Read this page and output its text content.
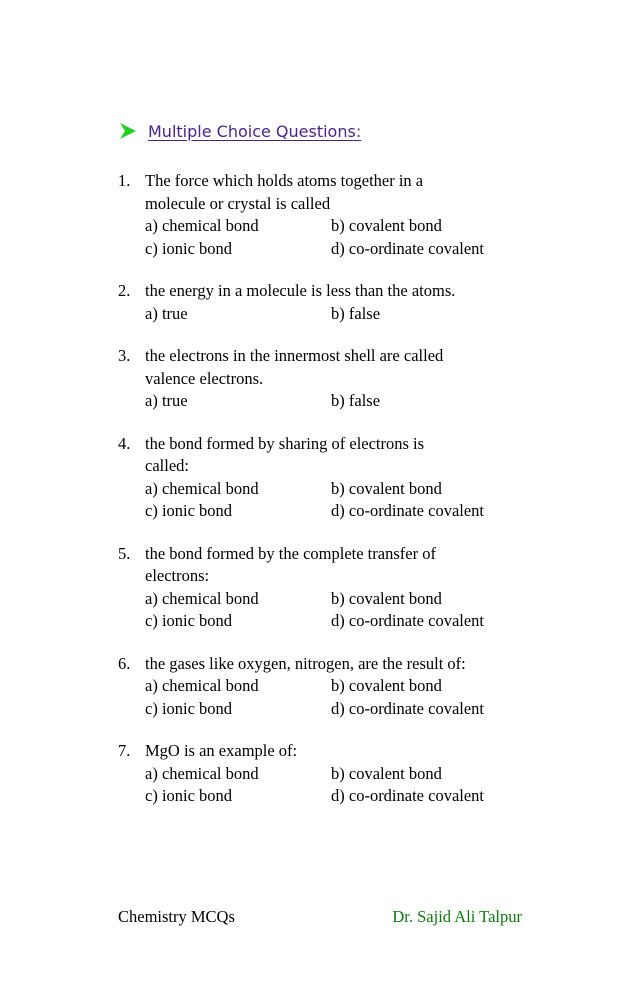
Multiple Choice Questions:
1. The force which holds atoms together in a
molecule or crystal is called
a) chemical bond	b) covalent bond
c) ionic bond	d) co-ordinate covalent
2. the energy in a molecule is less than the atoms.
a) true	b) false
3. the electrons in the innermost shell are called
valence electrons.
a) true	b) false
4. the bond formed by sharing of electrons is
called:
a) chemical bond	b) covalent bond
c) ionic bond	d) co-ordinate covalent
5. the bond formed by the complete transfer of
electrons:
a) chemical bond	b) covalent bond
c) ionic bond	d) co-ordinate covalent
6. the gases like oxygen, nitrogen, are the result of:
a) chemical bond	b) covalent bond
c) ionic bond	d) co-ordinate covalent
7. MgO is an example of:
a) chemical bond	b) covalent bond
c) ionic bond	d) co-ordinate covalent
Chemistry MCQs	Dr. Sajid Ali Talpur
